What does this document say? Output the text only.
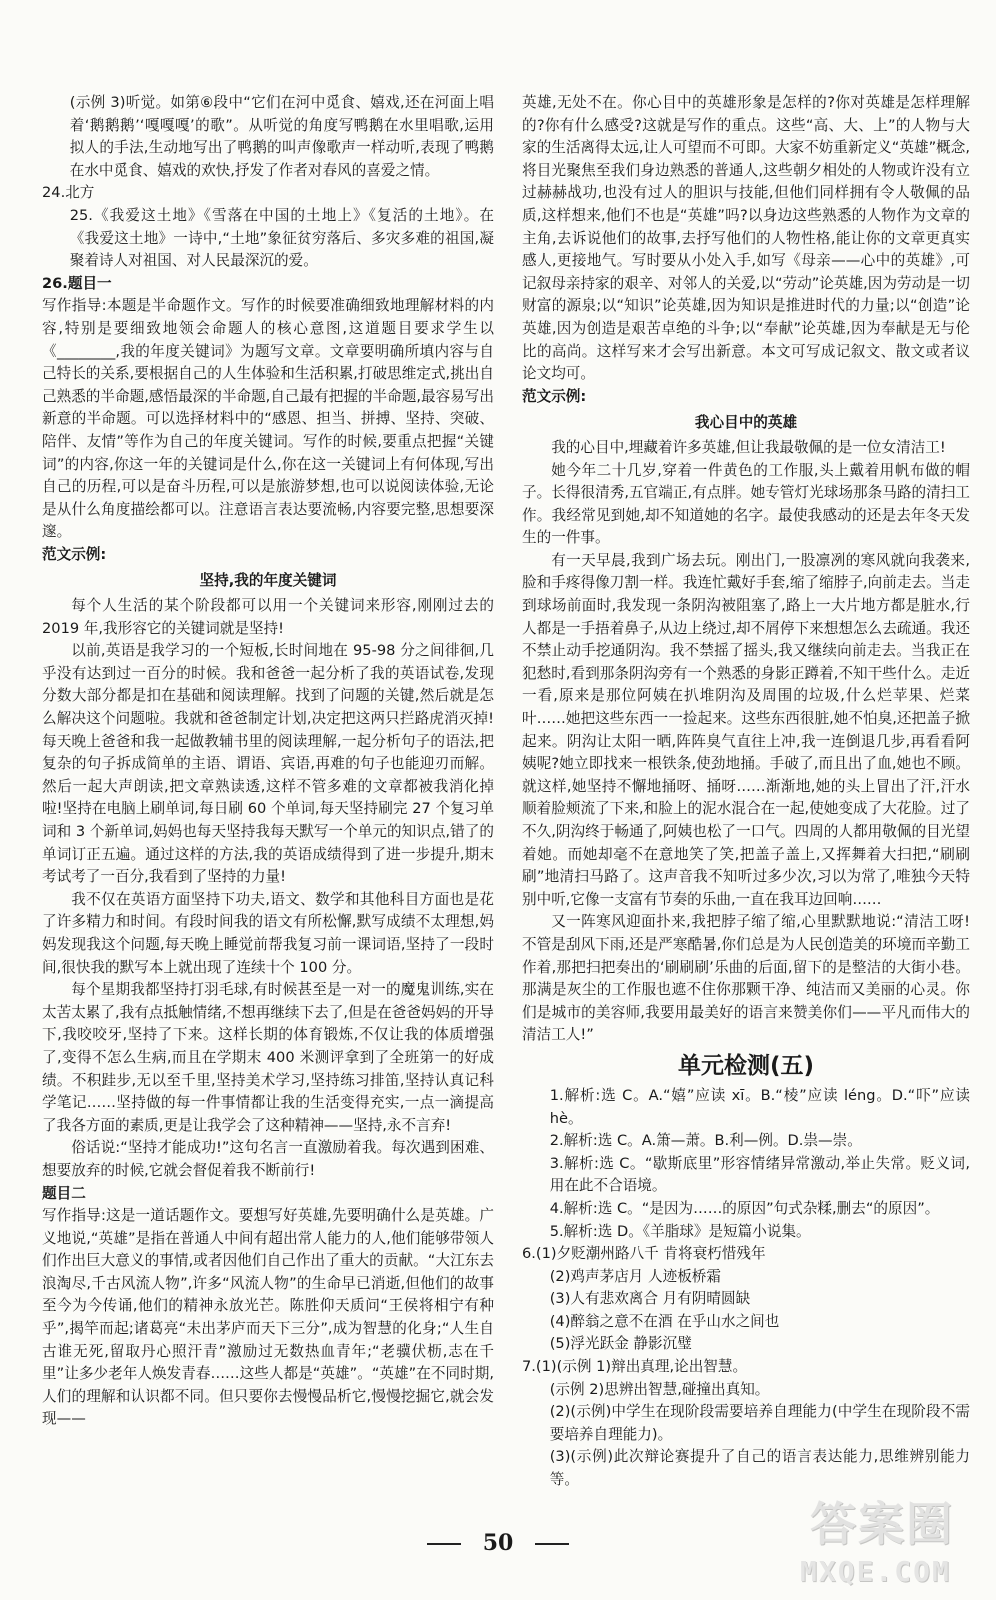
(示例 3)听觉。如第⑥段中“它们在河中觅食、嬉戏,还在河面上唱着‘鹅鹅鹅’‘嘎嘎嘎’的歌”。从听觉的角度写鸭鹅在水里唱歌,运用拟人的手法,生动地写出了鸭鹅的叫声像歌声一样动听,表现了鸭鹅在水中觅食、嬉戏的欢快,抒发了作者对春风的喜爱之情。
24.北方
25.《我爱这土地》《雪落在中国的土地上》《复活的土地》。在《我爱这土地》一诗中,“土地”象征贫穷落后、多灾多难的祖国,凝聚着诗人对祖国、对人民最深沉的爱。
26.题目一
写作指导:本题是半命题作文。写作的时候要准确细致地理解材料的内容,特别是要细致地领会命题人的核心意图,这道题目要求学生以《________,我的年度关键词》为题写文章。文章要明确所填内容与自己特长的关系,要根据自己的人生体验和生活积累,打破思维定式,挑出自己熟悉的半命题,感悟最深的半命题,自己最有把握的半命题,最容易写出新意的半命题。可以选择材料中的“感恩、担当、拼搏、坚持、突破、陪伴、友情”等作为自己的年度关键词。写作的时候,要重点把握“关键词”的内容,你这一年的关键词是什么,你在这一关键词上有何体现,写出自己的历程,可以是奋斗历程,可以是旅游梦想,也可以说阅读体验,无论是从什么角度描绘都可以。注意语言表达要流畅,内容要完整,思想要深邃。
范文示例:
坚持,我的年度关键词
每个人生活的某个阶段都可以用一个关键词来形容,刚刚过去的 2019 年,我形容它的关键词就是坚持!
以前,英语是我学习的一个短板,长时间地在 95-98 分之间徘徊,几乎没有达到过一百分的时候。我和爸爸一起分析了我的英语试卷,发现分数大部分都是扣在基础和阅读理解。找到了问题的关键,然后就是怎么解决这个问题啦。我就和爸爸制定计划,决定把这两只拦路虎消灭掉!每天晚上爸爸和我一起做教辅书里的阅读理解,一起分析句子的语法,把复杂的句子拆成简单的主语、谓语、宾语,再难的句子也能迎刃而解。然后一起大声朗读,把文章熟读透,这样不管多难的文章都被我消化掉啦!坚持在电脑上刷单词,每日刷 60 个单词,每天坚持刷完 27 个复习单词和 3 个新单词,妈妈也每天坚持我每天默写一个单元的知识点,错了的单词订正五遍。通过这样的方法,我的英语成绩得到了进一步提升,期末考试考了一百分,我看到了坚持的力量!
我不仅在英语方面坚持下功夫,语文、数学和其他科目方面也是花了许多精力和时间。有段时间我的语文有所松懈,默写成绩不太理想,妈妈发现我这个问题,每天晚上睡觉前帮我复习前一课词语,坚持了一段时间,很快我的默写本上就出现了连续十个 100 分。
每个星期我都坚持打羽毛球,有时候甚至是一对一的魔鬼训练,实在太苦太累了,我有点抵触情绪,不想再继续下去了,但是在爸爸妈妈的开导下,我咬咬牙,坚持了下来。这样长期的体育锻炼,不仅让我的体质增强了,变得不怎么生病,而且在学期末 400 米测评拿到了全班第一的好成绩。不积跬步,无以至千里,坚持美术学习,坚持练习排笛,坚持认真记科学笔记……坚持做的每一件事情都让我的生活变得充实,一点一滴提高了我各方面的素质,更是让我学会了这种精神——坚持,永不言弃!
俗话说:“坚持才能成功!”这句名言一直激励着我。每次遇到困难、想要放弃的时候,它就会督促着我不断前行!
题目二
写作指导:这是一道话题作文。要想写好英雄,先要明确什么是英雄。广义地说,“英雄”是指在普通人中间有超出常人能力的人,他们能够带领人们作出巨大意义的事情,或者因他们自己作出了重大的贡献。“大江东去浪淘尽,千古风流人物”,许多“风流人物”的生命早已消逝,但他们的故事至今为今传诵,他们的精神永放光芒。陈胜仰天质问“王侯将相宁有种乎”,揭竿而起;诸葛亮“未出茅庐而天下三分”,成为智慧的化身;“人生自古谁无死,留取丹心照汗青”激励过无数热血青年;“老骥伏枥,志在千里”让多少老年人焕发青春……这些人都是“英雄”。“英雄”在不同时期,人们的理解和认识都不同。但只要你去慢慢品析它,慢慢挖掘它,就会发现——
英雄,无处不在。你心目中的英雄形象是怎样的?你对英雄是怎样理解的?你有什么感受?这就是写作的重点。这些“高、大、上”的人物与大家的生活离得太远,让人可望而不可即。大家不妨重新定义“英雄”概念,将目光聚焦至我们身边熟悉的普通人,这些朝夕相处的人物或许没有立过赫赫战功,也没有过人的胆识与技能,但他们同样拥有令人敬佩的品质,这样想来,他们不也是“英雄”吗?以身边这些熟悉的人物作为文章的主角,去诉说他们的故事,去抒写他们的人物性格,能让你的文章更真实感人,更接地气。写时要从小处入手,如写《母亲——心中的英雄》,可记叙母亲持家的艰辛、对邻人的关爱,以“劳动”论英雄,因为劳动是一切财富的源泉;以“知识”论英雄,因为知识是推进时代的力量;以“创造”论英雄,因为创造是艰苦卓绝的斗争;以“奉献”论英雄,因为奉献是无与伦比的高尚。这样写来才会写出新意。本文可写成记叙文、散文或者议论文均可。
范文示例:
我心目中的英雄
我的心目中,埋藏着许多英雄,但让我最敬佩的是一位女清洁工!
她今年二十几岁,穿着一件黄色的工作服,头上戴着用帆布做的帽子。长得很清秀,五官端正,有点胖。她专管灯光球场那条马路的清扫工作。我经常见到她,却不知道她的名字。最使我感动的还是去年冬天发生的一件事。
有一天早晨,我到广场去玩。刚出门,一股凛冽的寒风就向我袭来,脸和手疼得像刀割一样。我连忙戴好手套,缩了缩脖子,向前走去。当走到球场前面时,我发现一条阴沟被阻塞了,路上一大片地方都是脏水,行人都是一手捂着鼻子,从边上绕过,却不屑停下来想想怎么去疏通。我还不禁止动手挖通阴沟。我不禁摇了摇头,我又继续向前走去。当我正在犯愁时,看到那条阴沟旁有一个熟悉的身影正蹲着,不知干些什么。走近一看,原来是那位阿姨在扒堆阴沟及周围的垃圾,什么烂苹果、烂菜叶……她把这些东西一一捡起来。这些东西很脏,她不怕臭,还把盖子掀起来。阴沟让太阳一晒,阵阵臭气直往上冲,我一连倒退几步,再看看阿姨呢?她立即找来一根铁条,使劲地捅。手破了,而且出了血,她也不顾。就这样,她坚持不懈地捅呀、捅呀……渐渐地,她的头上冒出了汗,汗水顺着脸颊流了下来,和脸上的泥水混合在一起,使她变成了大花脸。过了不久,阴沟终于畅通了,阿姨也松了一口气。四周的人都用敬佩的目光望着她。而她却毫不在意地笑了笑,把盖子盖上,又挥舞着大扫把,“刷刷刷”地清扫马路了。这声音我不知听过多少次,习以为常了,唯独今天特别中听,它像一支富有节奏的乐曲,一直在我耳边回响……
又一阵寒风迎面扑来,我把脖子缩了缩,心里默默地说:“清洁工呀!不管是刮风下雨,还是严寒酷暑,你们总是为人民创造美的环境而辛勤工作着,那把扫把奏出的‘刷刷刷’乐曲的后面,留下的是整洁的大街小巷。那满是灰尘的工作服也遮不住你那颗干净、纯洁而又美丽的心灵。你们是城市的美容师,我要用最美好的语言来赞美你们——平凡而伟大的清洁工人!”
单元检测(五)
1.解析:选 C。A.“嬉”应读 xī。B.“棱”应读 léng。D.“吓”应读 hè。
2.解析:选 C。A.箫—萧。B.利—例。D.祟—崇。
3.解析:选 C。“歇斯底里”形容情绪异常激动,举止失常。贬义词,用在此不合语境。
4.解析:选 C。“是因为……的原因”句式杂糅,删去“的原因”。
5.解析:选 D。《羊脂球》是短篇小说集。
6.(1)夕贬潮州路八千 肯将衰朽惜残年
(2)鸡声茅店月 人迹板桥霜
(3)人有悲欢离合 月有阴晴圆缺
(4)醉翁之意不在酒 在乎山水之间也
(5)浮光跃金 静影沉璧
7.(1)(示例 1)辩出真理,论出智慧。
(示例 2)思辨出智慧,碰撞出真知。
(2)(示例)中学生在现阶段需要培养自理能力(中学生在现阶段不需要培养自理能力)。
(3)(示例)此次辩论赛提升了自己的语言表达能力,思维辨别能力等。
50	答案圈
MXQE.COM
